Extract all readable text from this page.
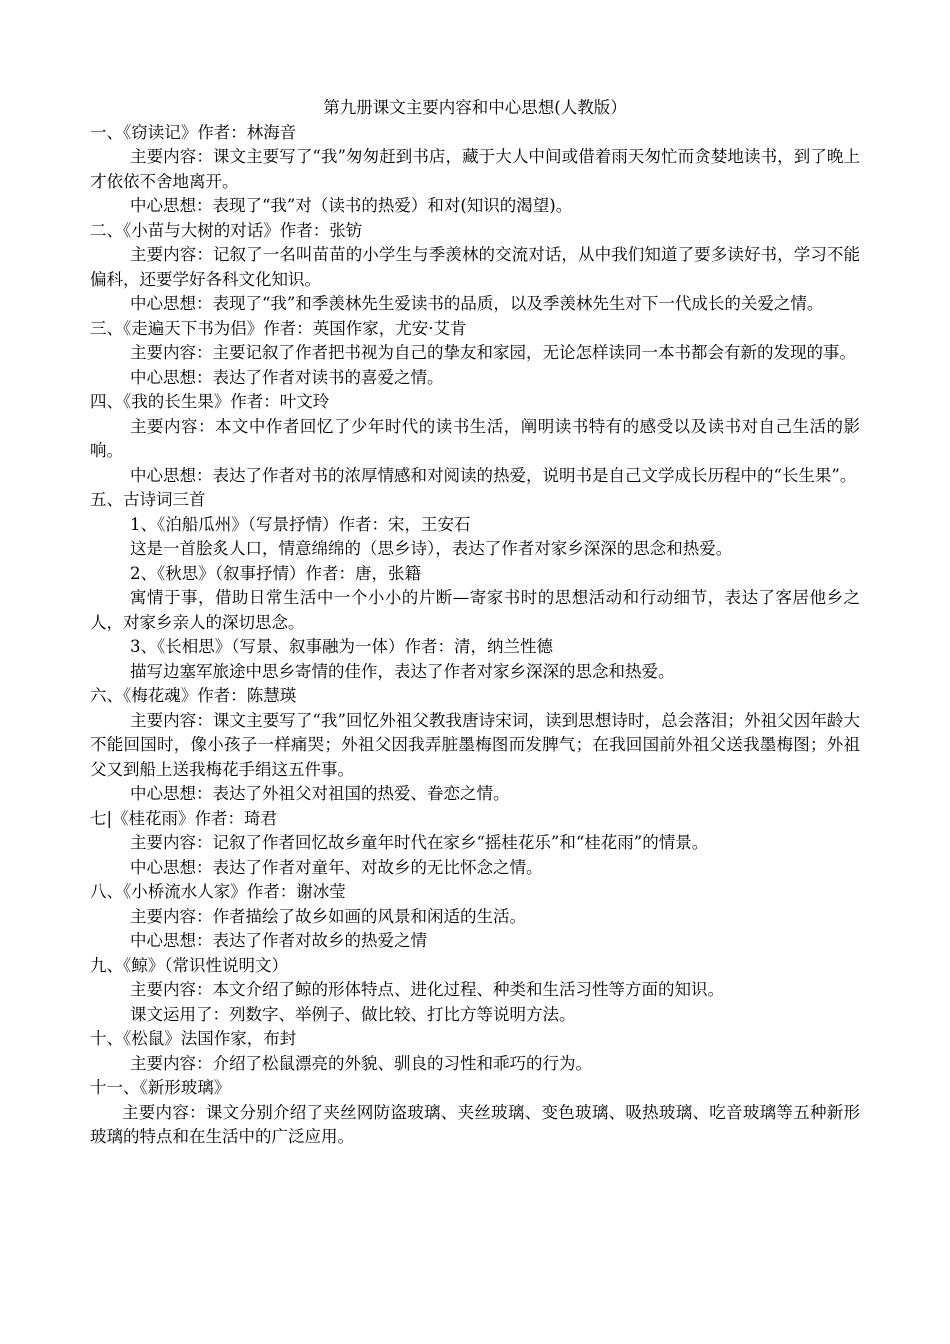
第九册课文主要内容和中心思想(人教版）

一、《窃读记》作者：林海音

主要内容：课文主要写了“我”匆匆赶到书店，藏于大人中间或借着雨天匆忙而贪婪地读书，到了晚上才依依不舍地离开。

中心思想：表现了“我”对（读书的热爱）和对(知识的渴望)。

二、《小苗与大树的对话》作者：张钫

主要内容：记叙了一名叫苗苗的小学生与季羡林的交流对话，从中我们知道了要多读好书，学习不能偏科，还要学好各科文化知识。

中心思想：表现了“我”和季羡林先生爱读书的品质，以及季羡林先生对下一代成长的关爱之情。

三、《走遍天下书为侣》作者：英国作家，尤安·艾肯

主要内容：主要记叙了作者把书视为自己的挚友和家园，无论怎样读同一本书都会有新的发现的事。

中心思想：表达了作者对读书的喜爱之情。

四、《我的长生果》作者：叶文玲

主要内容：本文中作者回忆了少年时代的读书生活，阐明读书特有的感受以及读书对自己生活的影响。

中心思想：表达了作者对书的浓厚情感和对阅读的热爱，说明书是自己文学成长历程中的“长生果”。

五、古诗词三首

1、《泊船瓜州》（写景抒情）作者：宋，王安石

这是一首脍炙人口，情意绵绵的（思乡诗），表达了作者对家乡深深的思念和热爱。

2、《秋思》（叙事抒情）作者：唐，张籍

寓情于事，借助日常生活中一个小小的片断—寄家书时的思想活动和行动细节，表达了客居他乡之人，对家乡亲人的深切思念。

3、《长相思》（写景、叙事融为一体）作者：清，纳兰性德

描写边塞军旅途中思乡寄情的佳作，表达了作者对家乡深深的思念和热爱。

六、《梅花魂》作者：陈慧瑛

主要内容：课文主要写了“我”回忆外祖父教我唐诗宋词，读到思想诗时，总会落泪；外祖父因年龄大不能回国时，像小孩子一样痛哭；外祖父因我弄脏墨梅图而发脾气；在我回国前外祖父送我墨梅图；外祖父又到船上送我梅花手绢这五件事。

中心思想：表达了外祖父对祖国的热爱、眷恋之情。

七|《桂花雨》作者：琦君

主要内容：记叙了作者回忆故乡童年时代在家乡“摇桂花乐”和“桂花雨”的情景。

中心思想：表达了作者对童年、对故乡的无比怀念之情。

八、《小桥流水人家》作者：谢冰莹

主要内容：作者描绘了故乡如画的风景和闲适的生活。

中心思想：表达了作者对故乡的热爱之情

九、《鲸》（常识性说明文）

主要内容：本文介绍了鲸的形体特点、进化过程、种类和生活习性等方面的知识。

课文运用了：列数字、举例子、做比较、打比方等说明方法。

十、《松鼠》法国作家，布封

主要内容：介绍了松鼠漂亮的外貌、驯良的习性和乖巧的行为。

十一、《新形玻璃》

主要内容：课文分别介绍了夹丝网防盗玻璃、夹丝玻璃、变色玻璃、吸热玻璃、吃音玻璃等五种新形玻璃的特点和在生活中的广泛应用。
